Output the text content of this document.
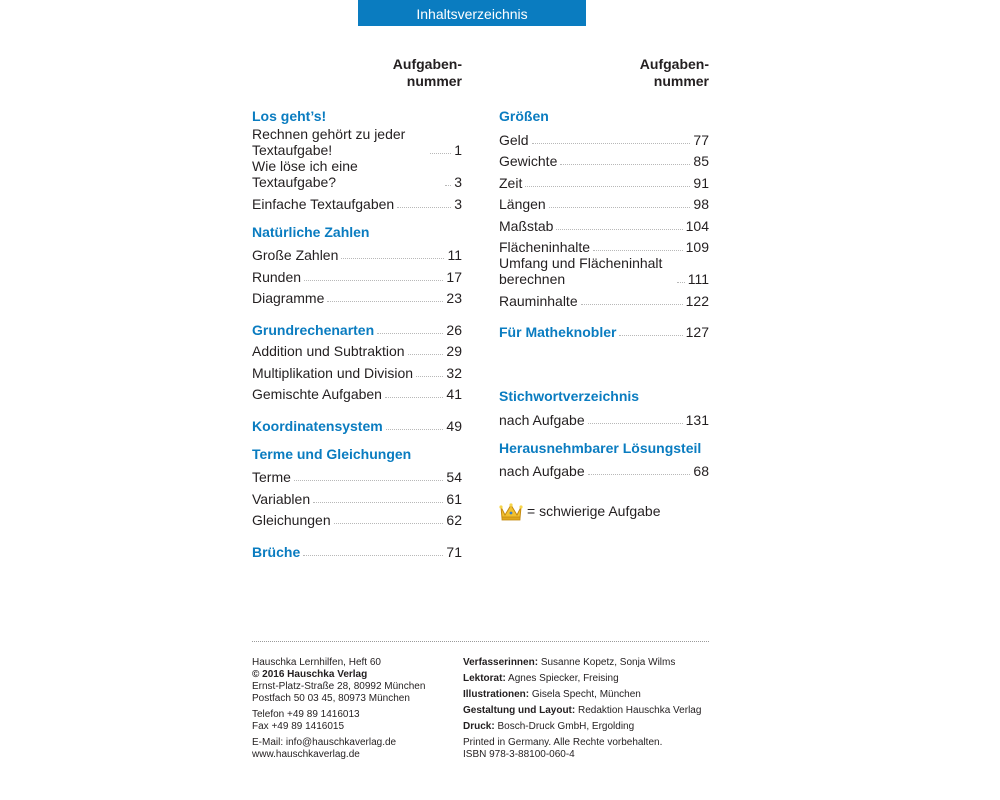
Inhaltsverzeichnis
Aufgaben-
nummer
Los geht’s!
Rechnen gehört zu jeder Textaufgabe!	1
Wie löse ich eine Textaufgabe?	3
Einfache Textaufgaben	3
Natürliche Zahlen
Große Zahlen	11
Runden	17
Diagramme	23
Grundrechenarten	26
Addition und Subtraktion	29
Multiplikation und Division 32
Gemischte Aufgaben	41
Koordinatensystem	49
Terme und Gleichungen
Terme	54
Variablen	61
Gleichungen	62
Brüche	71
Aufgaben-
nummer
Größen
Geld	77
Gewichte	85
Zeit	91
Längen	98
Maßstab	104
Flächeninhalte	109
Umfang und Flächeninhalt berechnen	111
Rauminhalte	122
Für Matheknobler	127
Stichwortverzeichnis
nach Aufgabe	131
Herausnehmbarer Lösungsteil
nach Aufgabe	68
= schwierige Aufgabe
Hauschka Lernhilfen, Heft 60
© 2016 Hauschka Verlag
Ernst-Platz-Straße 28, 80992 München
Postfach 50 03 45, 80973 München
Telefon +49 89 1416013
Fax +49 89 1416015
E-Mail: info@hauschkaverlag.de
www.hauschkaverlag.de
Verfasserinnen: Susanne Kopetz, Sonja Wilms
Lektorat: Agnes Spiecker, Freising
Illustrationen: Gisela Specht, München
Gestaltung und Layout: Redaktion Hauschka Verlag
Druck: Bosch-Druck GmbH, Ergolding
Printed in Germany. Alle Rechte vorbehalten.
ISBN 978-3-88100-060-4
